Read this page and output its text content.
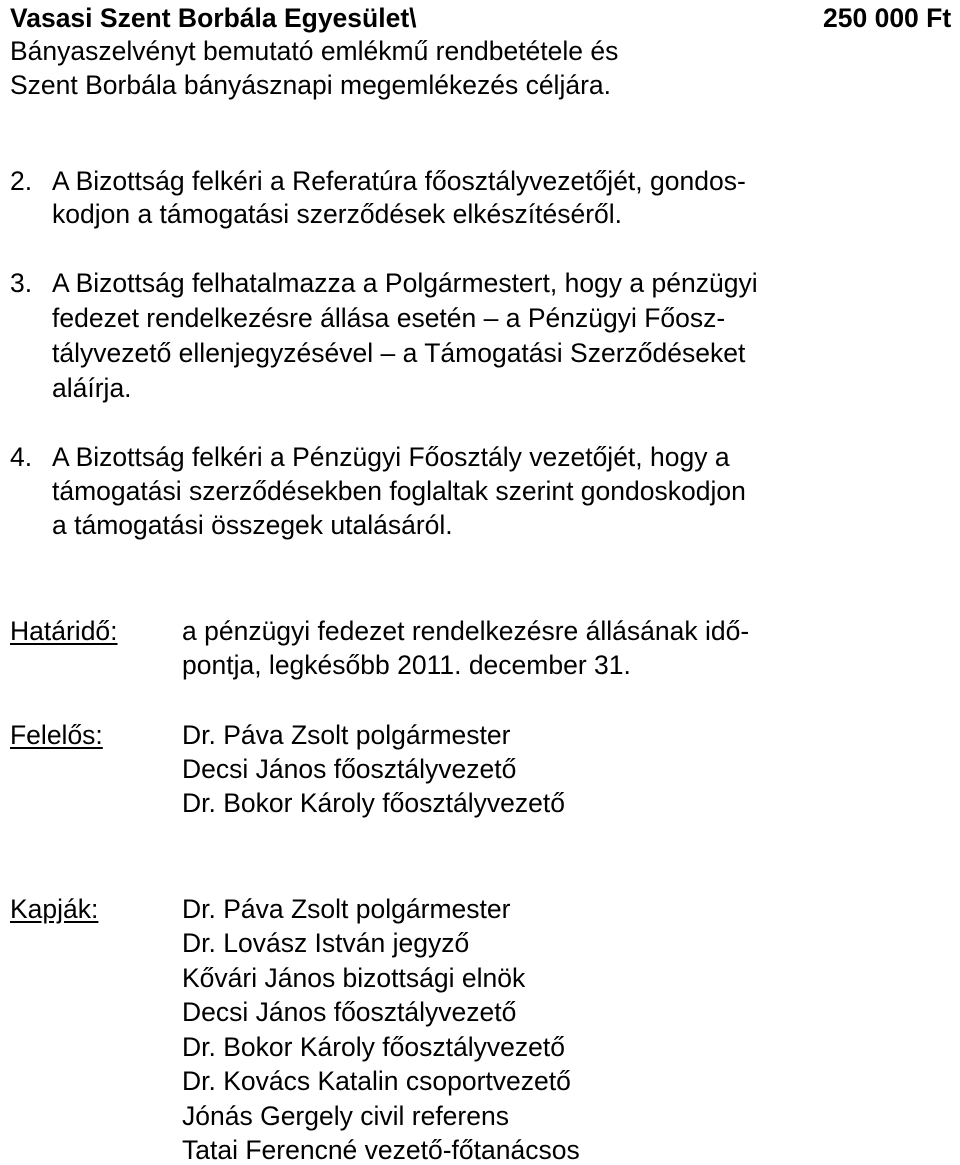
Vasasi Szent Borbála Egyesület\	250 000 Ft
Bányaszelvényt bemutató emlékmű rendbetétele és
Szent Borbála bányásznapi megemlékezés céljára.
2. A Bizottság felkéri a Referatúra főosztályvezetőjét, gondos-
kodjon a támogatási szerződések elkészítéséről.
3. A Bizottság felhatalmazza a Polgármestert, hogy a pénzügyi
fedezet rendelkezésre állása esetén – a Pénzügyi Főosz-
tályvezető ellenjegyzésével – a Támogatási Szerződéseket
aláírja.
4. A Bizottság felkéri a Pénzügyi Főosztály vezetőjét, hogy a
támogatási szerződésekben foglaltak szerint gondoskodjon
a támogatási összegek utalásáról.
Határidő: a pénzügyi fedezet rendelkezésre állásának idő-
pontja, legkésőbb 2011. december 31.
Felelős:	Dr. Páva Zsolt polgármester
Decsi János főosztályvezető
Dr. Bokor Károly főosztályvezető
Kapják:	Dr. Páva Zsolt polgármester
Dr. Lovász István jegyző
Kővári János bizottsági elnök
Decsi János főosztályvezető
Dr. Bokor Károly főosztályvezető
Dr. Kovács Katalin csoportvezető
Jónás Gergely civil referens
Tatai Ferencné vezető-főtanácsos
